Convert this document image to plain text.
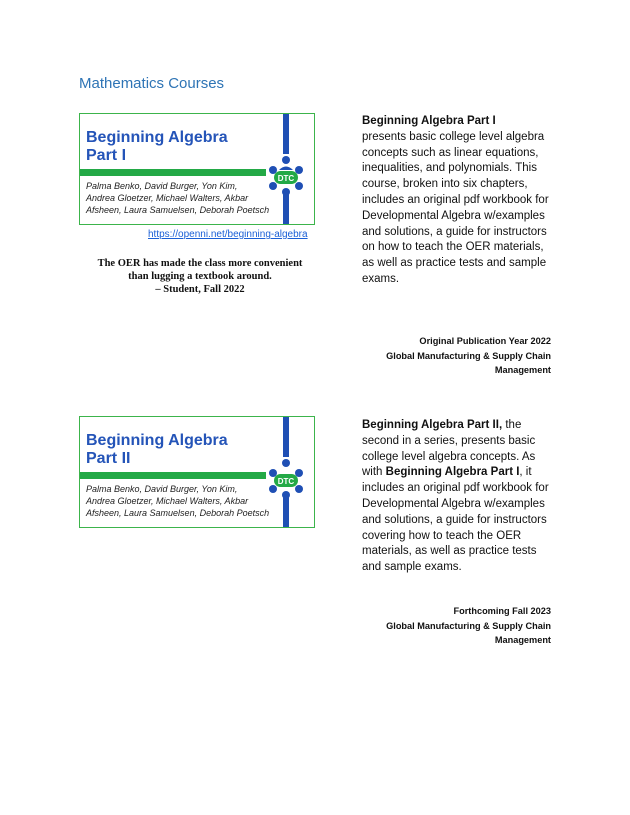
Mathematics Courses
Beginning Algebra
Part I
Palma Benko, David Burger, Yon Kim,
Andrea Gloetzer, Michael Walters, Akbar
Afsheen, Laura Samuelsen, Deborah Poetsch
DTC
https://openni.net/beginning-algebra
The OER has made the class more convenient
than lugging a textbook around.
– Student, Fall 2022
Beginning Algebra Part I
presents basic college level algebra concepts such as linear equations, inequalities, and polynomials. This course, broken into six chapters, includes an original pdf workbook for Developmental Algebra w/examples and solutions, a guide for instructors on how to teach the OER materials, as well as practice tests and sample exams.
Original Publication Year 2022
Global Manufacturing & Supply Chain
Management
Beginning Algebra
Part II
Palma Benko, David Burger, Yon Kim,
Andrea Gloetzer, Michael Walters, Akbar
Afsheen, Laura Samuelsen, Deborah Poetsch
DTC
Beginning Algebra Part II, the second in a series, presents basic college level algebra concepts. As with Beginning Algebra Part I, it includes an original pdf workbook for Developmental Algebra w/examples and solutions, a guide for instructors covering how to teach the OER materials, as well as practice tests and sample exams.
Forthcoming Fall 2023
Global Manufacturing & Supply Chain
Management
